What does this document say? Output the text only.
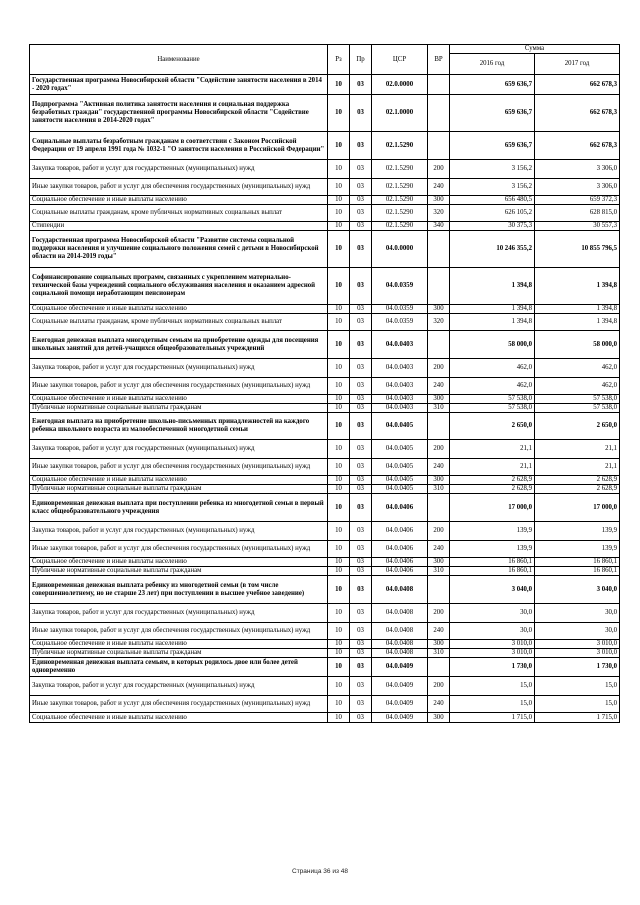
Наименование	Рз	Пр	ЦСР	ВР	Сумма	
					2016 год	2017 год
Государственная программа Новосибирской области "Содействие занятости населения в 2014 - 2020 годах"	10	03	02.0.0000		659 636,7	662 678,3
Подпрограмма "Активная политика занятости населения и социальная поддержка безработных граждан" государственной программы Новосибирской области "Содействие занятости населения в 2014-2020 годах"	10	03	02.1.0000		659 636,7	662 678,3
Социальные выплаты безработным гражданам в соответствии с Законом Российской Федерации от 19 апреля 1991 года № 1032-1 "О занятости населения в Российской Федерации"	10	03	02.1.5290		659 636,7	662 678,3
Закупка товаров, работ и услуг для государственных (муниципальных) нужд	10	03	02.1.5290	200	3 156,2	3 306,0
Иные закупки товаров, работ и услуг для обеспечения государственных (муниципальных) нужд	10	03	02.1.5290	240	3 156,2	3 306,0
Социальное обеспечение и иные выплаты населению	10	03	02.1.5290	300	656 480,5	659 372,3
Социальные выплаты гражданам, кроме публичных нормативных социальных выплат	10	03	02.1.5290	320	626 105,2	628 815,0
Стипендии	10	03	02.1.5290	340	30 375,3	30 557,3
Государственная программа Новосибирской области "Развитие системы социальной поддержки населения и улучшение социального положения семей с детьми в Новосибирской области на 2014-2019 годы"	10	03	04.0.0000		10 246 355,2	10 855 796,5
Софинансирование социальных программ, связанных с укреплением материально-технической базы учреждений социального обслуживания населения и оказанием адресной социальной помощи неработающим пенсионерам	10	03	04.0.0359		1 394,8	1 394,8
Социальное обеспечение и иные выплаты населению	10	03	04.0.0359	300	1 394,8	1 394,8
Социальные выплаты гражданам, кроме публичных нормативных социальных выплат	10	03	04.0.0359	320	1 394,8	1 394,8
Ежегодная денежная выплата многодетным семьям на приобретение одежды для посещения школьных занятий для детей-учащихся общеобразовательных учреждений	10	03	04.0.0403		58 000,0	58 000,0
Закупка товаров, работ и услуг для государственных (муниципальных) нужд	10	03	04.0.0403	200	462,0	462,0
Иные закупки товаров, работ и услуг для обеспечения государственных (муниципальных) нужд	10	03	04.0.0403	240	462,0	462,0
Социальное обеспечение и иные выплаты населению	10	03	04.0.0403	300	57 538,0	57 538,0
Публичные нормативные социальные выплаты гражданам	10	03	04.0.0403	310	57 538,0	57 538,0
Ежегодная выплата на приобретение школьно-письменных принадлежностей на каждого ребенка школьного возраста из малообеспеченной многодетной семьи	10	03	04.0.0405		2 650,0	2 650,0
Закупка товаров, работ и услуг для государственных (муниципальных) нужд	10	03	04.0.0405	200	21,1	21,1
Иные закупки товаров, работ и услуг для обеспечения государственных (муниципальных) нужд	10	03	04.0.0405	240	21,1	21,1
Социальное обеспечение и иные выплаты населению	10	03	04.0.0405	300	2 628,9	2 628,9
Публичные нормативные социальные выплаты гражданам	10	03	04.0.0405	310	2 628,9	2 628,9
Единовременная денежная выплата при поступлении ребенка из многодетной семьи в первый класс общеобразовательного учреждения	10	03	04.0.0406		17 000,0	17 000,0
Закупка товаров, работ и услуг для государственных (муниципальных) нужд	10	03	04.0.0406	200	139,9	139,9
Иные закупки товаров, работ и услуг для обеспечения государственных (муниципальных) нужд	10	03	04.0.0406	240	139,9	139,9
Социальное обеспечение и иные выплаты населению	10	03	04.0.0406	300	16 860,1	16 860,1
Публичные нормативные социальные выплаты гражданам	10	03	04.0.0406	310	16 860,1	16 860,1
Единовременная денежная выплата ребенку из многодетной семьи (в том числе совершеннолетнему, но не старше 23 лет) при поступлении в высшее учебное заведение)	10	03	04.0.0408		3 040,0	3 040,0
Закупка товаров, работ и услуг для государственных (муниципальных) нужд	10	03	04.0.0408	200	30,0	30,0
Иные закупки товаров, работ и услуг для обеспечения государственных (муниципальных) нужд	10	03	04.0.0408	240	30,0	30,0
Социальное обеспечение и иные выплаты населению	10	03	04.0.0408	300	3 010,0	3 010,0
Публичные нормативные социальные выплаты гражданам	10	03	04.0.0408	310	3 010,0	3 010,0
Единовременная денежная выплата семьям, в которых родилось двое или более детей одновременно	10	03	04.0.0409		1 730,0	1 730,0
Закупка товаров, работ и услуг для государственных (муниципальных) нужд	10	03	04.0.0409	200	15,0	15,0
Иные закупки товаров, работ и услуг для обеспечения государственных (муниципальных) нужд	10	03	04.0.0409	240	15,0	15,0
Социальное обеспечение и иные выплаты населению	10	03	04.0.0409	300	1 715,0	1 715,0
Страница 36 из 48
